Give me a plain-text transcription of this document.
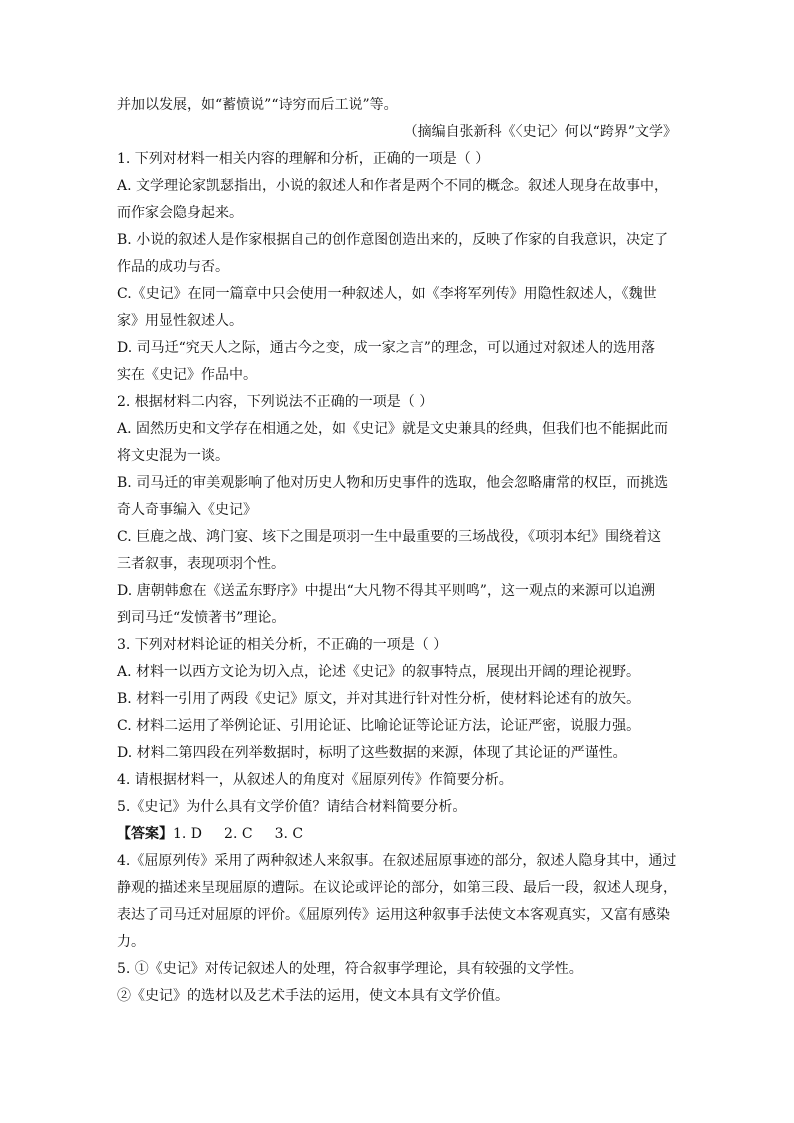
并加以发展，如“蓄愤说”“诗穷而后工说”等。
（摘编自张新科《〈史记〉何以“跨界”文学》
1. 下列对材料一相关内容的理解和分析，正确的一项是（ ）
A. 文学理论家凯瑟指出，小说的叙述人和作者是两个不同的概念。叙述人现身在故事中，
而作家会隐身起来。
B. 小说的叙述人是作家根据自己的创作意图创造出来的，反映了作家的自我意识，决定了
作品的成功与否。
C.《史记》在同一篇章中只会使用一种叙述人，如《李将军列传》用隐性叙述人，《魏世
家》用显性叙述人。
D. 司马迁“究天人之际，通古今之变，成一家之言”的理念，可以通过对叙述人的选用落
实在《史记》作品中。
2. 根据材料二内容，下列说法不正确的一项是（ ）
A. 固然历史和文学存在相通之处，如《史记》就是文史兼具的经典，但我们也不能据此而
将文史混为一谈。
B. 司马迁的审美观影响了他对历史人物和历史事件的选取，他会忽略庸常的权臣，而挑选
奇人奇事编入《史记》
C. 巨鹿之战、鸿门宴、垓下之围是项羽一生中最重要的三场战役，《项羽本纪》围绕着这
三者叙事，表现项羽个性。
D. 唐朝韩愈在《送孟东野序》中提出“大凡物不得其平则鸣”，这一观点的来源可以追溯
到司马迁“发愤著书”理论。
3. 下列对材料论证的相关分析，不正确的一项是（ ）
A. 材料一以西方文论为切入点，论述《史记》的叙事特点，展现出开阔的理论视野。
B. 材料一引用了两段《史记》原文，并对其进行针对性分析，使材料论述有的放矢。
C. 材料二运用了举例论证、引用论证、比喻论证等论证方法，论证严密，说服力强。
D. 材料二第四段在列举数据时，标明了这些数据的来源，体现了其论证的严谨性。
4. 请根据材料一，从叙述人的角度对《屈原列传》作简要分析。
5.《史记》为什么具有文学价值？请结合材料简要分析。
【答案】1. D 2. C 3. C
4.《屈原列传》采用了两种叙述人来叙事。在叙述屈原事迹的部分，叙述人隐身其中，通过
静观的描述来呈现屈原的遭际。在议论或评论的部分，如第三段、最后一段，叙述人现身，
表达了司马迁对屈原的评价。《屈原列传》运用这种叙事手法使文本客观真实，又富有感染
力。
5. ①《史记》对传记叙述人的处理，符合叙事学理论，具有较强的文学性。
②《史记》的选材以及艺术手法的运用，使文本具有文学价值。
